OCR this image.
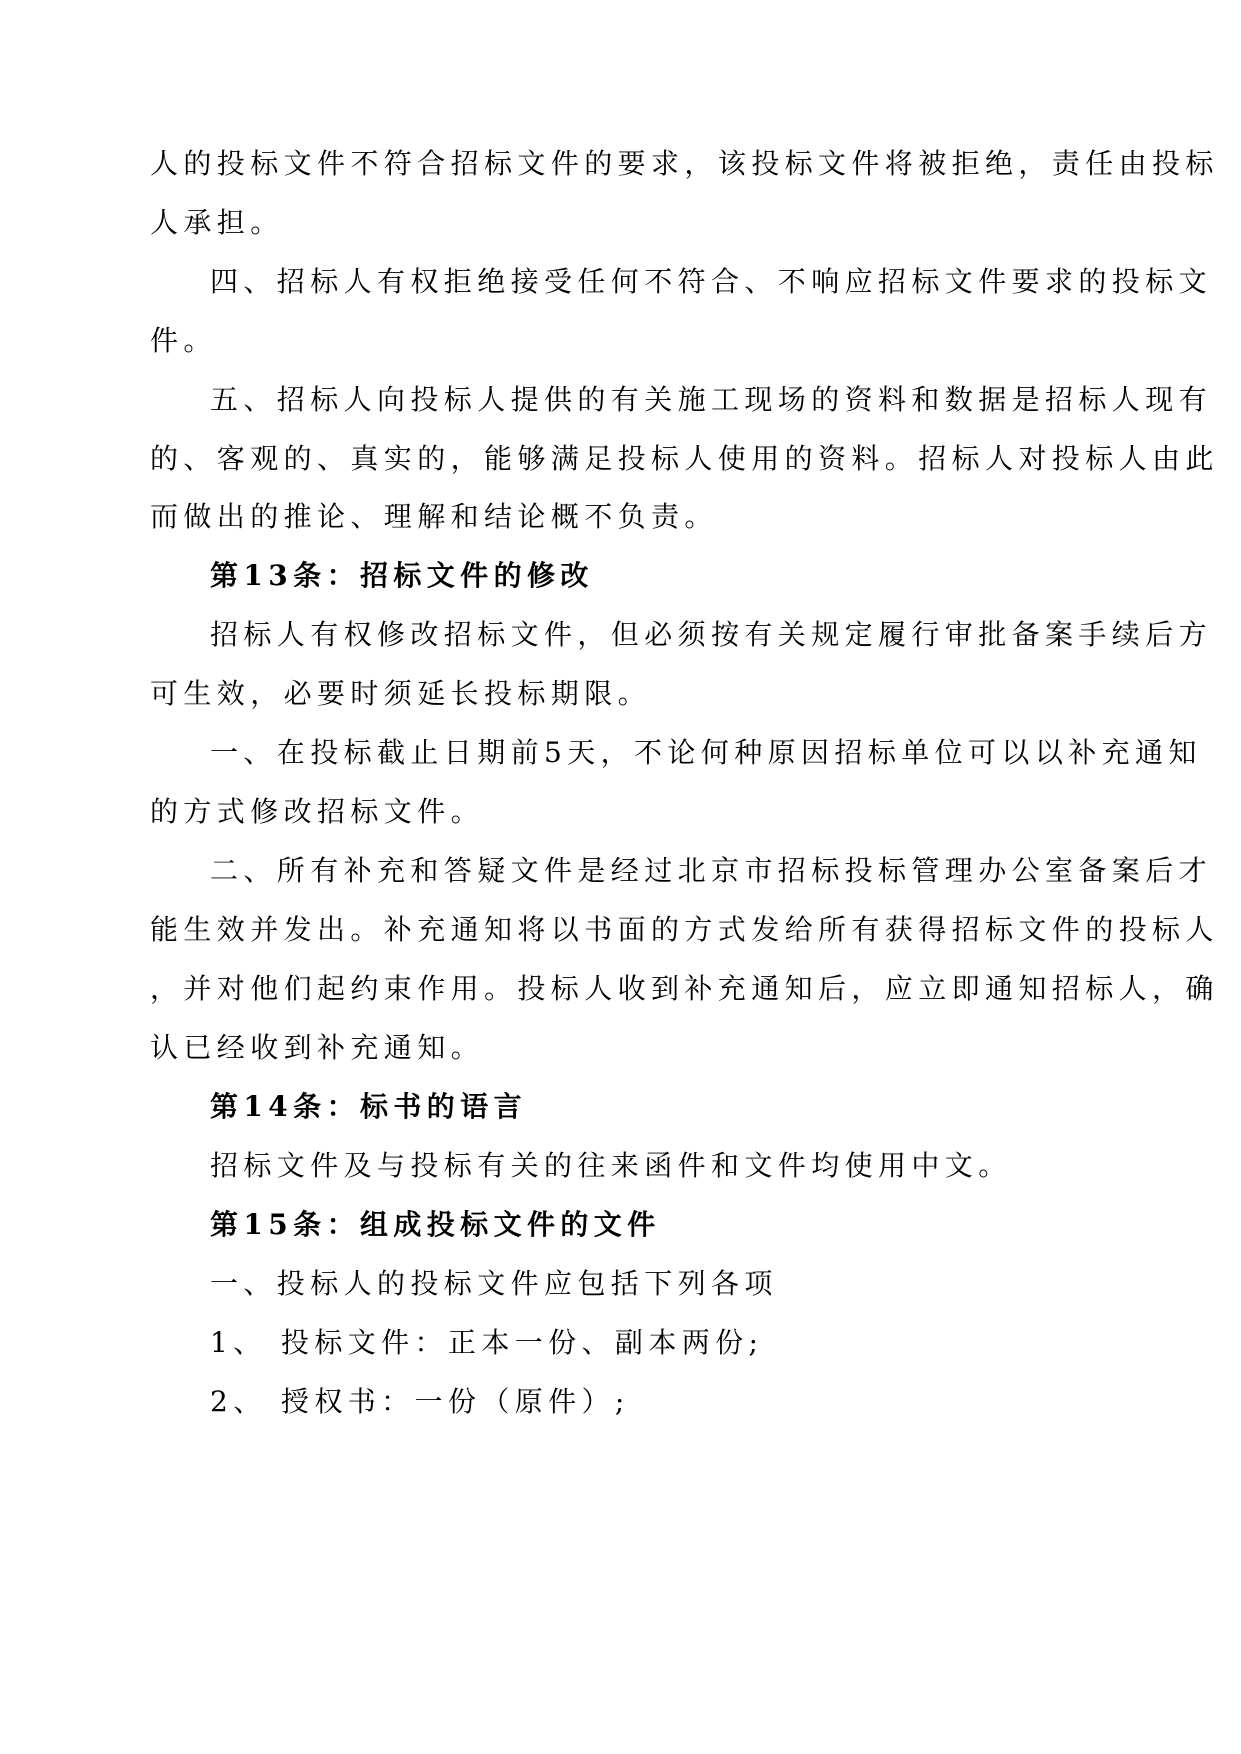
人的投标文件不符合招标文件的要求，该投标文件将被拒绝，责任由投标
人承担。
四、招标人有权拒绝接受任何不符合、不响应招标文件要求的投标文
件。
五、招标人向投标人提供的有关施工现场的资料和数据是招标人现有
的、客观的、真实的，能够满足投标人使用的资料。招标人对投标人由此
而做出的推论、理解和结论概不负责。
第13条：招标文件的修改
招标人有权修改招标文件，但必须按有关规定履行审批备案手续后方
可生效，必要时须延长投标期限。
一、在投标截止日期前5天，不论何种原因招标单位可以以补充通知
的方式修改招标文件。
二、所有补充和答疑文件是经过北京市招标投标管理办公室备案后才
能生效并发出。补充通知将以书面的方式发给所有获得招标文件的投标人
，并对他们起约束作用。投标人收到补充通知后，应立即通知招标人，确
认已经收到补充通知。
第14条：标书的语言
招标文件及与投标有关的往来函件和文件均使用中文。
第15条：组成投标文件的文件
一、投标人的投标文件应包括下列各项
1、 投标文件：正本一份、副本两份;
2、 授权书：一份（原件）;
